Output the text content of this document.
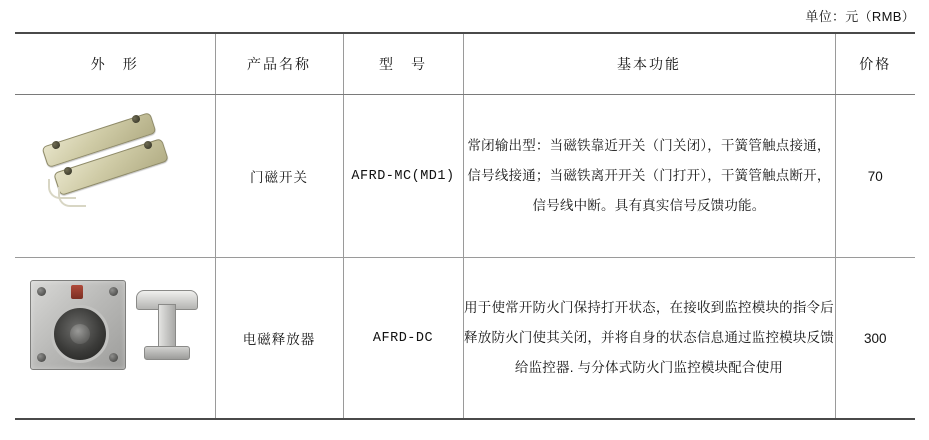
单位：元（RMB）
外　形	产品名称	型　号	基本功能	价格

	门磁开关	AFRD-MC(MD1)	常闭输出型：当磁铁靠近开关（门关闭），干簧管触点接通，信号线接通；当磁铁离开开关（门打开），干簧管触点断开，信号线中断。具有真实信号反馈功能。	70

	电磁释放器	AFRD-DC	用于使常开防火门保持打开状态，在接收到监控模块的指令后释放防火门使其关闭，并将自身的状态信息通过监控模块反馈给监控器. 与分体式防火门监控模块配合使用	300
